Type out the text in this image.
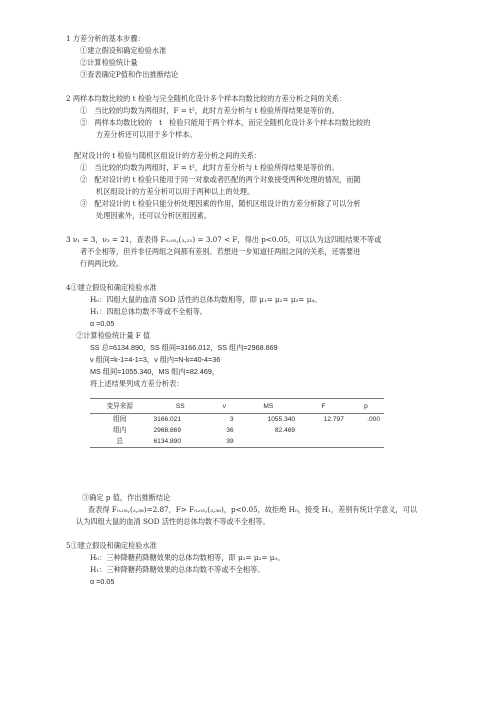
1 方差分析的基本步骤：
①建立假设和确定检验水准
②计算检验统计量
③查表确定P值和作出推断结论
2 两样本均数比较的 t 检验与完全随机化设计多个样本均数比较的方差分析之间的关系：
①　当比较的均数为两组时，F = t²，此时方差分析与 t 检验所得结果是等价的。
②　两样本均数比较的　t　检验只能用于两个样本，而完全随机化设计多个样本均数比较的
方差分析还可以用于多个样本。
配对设计的 t 检验与随机区组设计的方差分析之间的关系：
①　当比较的均数为两组时，F = t²，此时方差分析与 t 检验所得结果是等价的。
②　配对设计的 t 检验只能用于同一对象或者匹配的两个对象接受两种处理的情况，而随
机区组设计的方差分析可以用于两种以上的处理。
③　配对设计的 t 检验只能分析处理因素的作用，随机区组设计的方差分析除了可以分析
处理因素外，还可以分析区组因素。
3 ν₁ = 3，ν₂ = 21，查表得 F₀.₀₅,(₃,₂₁) = 3.07 < F，得出 p<0.05，可以认为这四组结果不等或
者不全相等，但并非任两组之间都有差别。若想进一步知道任两组之间的关系，还需要进
行两两比较。
4①建立假设和确定检验水准
H₀：四组大鼠的血清 SOD 活性的总体均数相等，即 μ₁= μ₂= μ₃= μ₄。
H₁：四组总体均数不等或不全相等。
α =0.05
②计算检验统计量 F 值
SS 总=6134.890，SS 组间=3166.012，SS 组内=2968.869
ν 组间=k-1=4-1=3，ν 组内=N-k=40-4=36
MS 组间=1055.340，MS 组内=82.469，
将上述结果列成方差分析表：
变异来源	SS	ν	MS	F	p
组间	3166.021	3	1055.340	12.797	.000
组内	2968.869	36	82.469		
总	6134.890	39			
③确定 p 值，作出推断结论
查表得 F₀.₀₅,(₃,₃₆)=2.87，F> F₀.₀₅,(₃,₃₆)，p<0.05，故拒绝 H₀，接受 H₁，差别有统计学意义，可以
认为四组大鼠的血清 SOD 活性的总体均数不等或不全相等。
5①建立假设和确定检验水准
H₀：三种降糖药降糖效果的总体均数相等，即 μ₁= μ₂= μ₃。
H₁：三种降糖药降糖效果的总体均数不等或不全相等。
α =0.05
